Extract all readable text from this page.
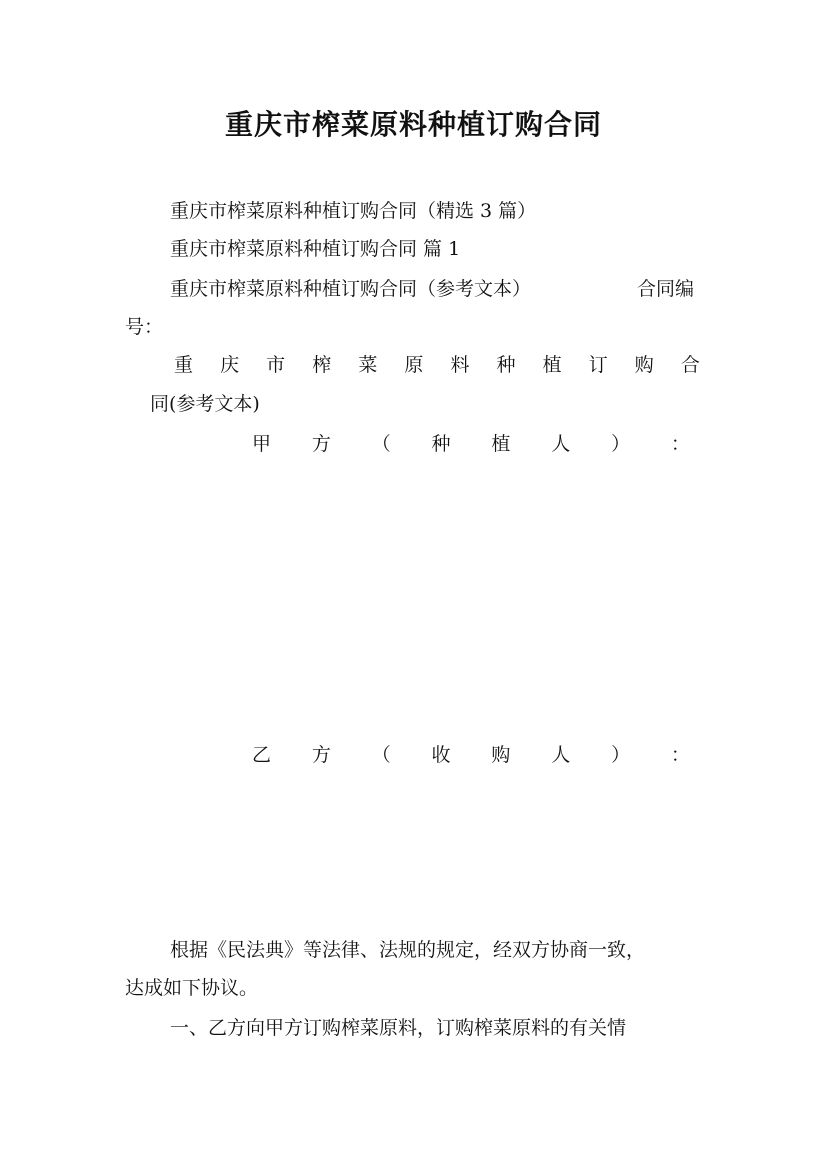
重庆市榨菜原料种植订购合同
重庆市榨菜原料种植订购合同（精选 3 篇）
重庆市榨菜原料种植订购合同 篇 1
重庆市榨菜原料种植订购合同（参考文本）	合同编
号：
重 庆 市 榨 菜 原 料 种 植 订 购 合
同(参考文本)
甲 方 （ 种 植 人 ） ：
乙 方 （ 收 购 人 ） ：
根据《民法典》等法律、法规的规定，经双方协商一致，
达成如下协议。
一、乙方向甲方订购榨菜原料，订购榨菜原料的有关情
